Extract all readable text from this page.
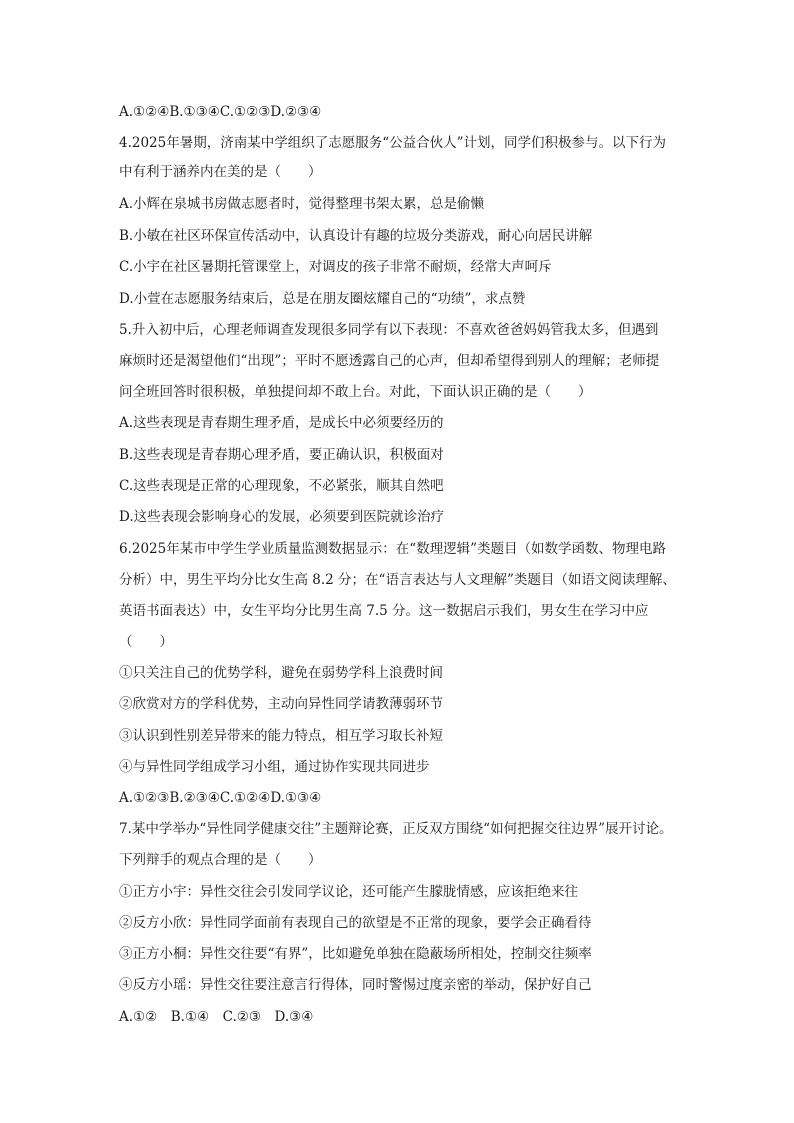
A.①②④B.①③④C.①②③D.②③④
4.2025年暑期，济南某中学组织了志愿服务“公益合伙人”计划，同学们积极参与。以下行为
中有利于涵养内在美的是（　　）
A.小辉在泉城书房做志愿者时，觉得整理书架太累，总是偷懒
B.小敏在社区环保宣传活动中，认真设计有趣的垃圾分类游戏，耐心向居民讲解
C.小宇在社区暑期托管课堂上，对调皮的孩子非常不耐烦，经常大声呵斥
D.小萱在志愿服务结束后，总是在朋友圈炫耀自己的“功绩”，求点赞
5.升入初中后，心理老师调查发现很多同学有以下表现：不喜欢爸爸妈妈管我太多，但遇到
麻烦时还是渴望他们“出现”；平时不愿透露自己的心声，但却希望得到别人的理解；老师提
问全班回答时很积极，单独提问却不敢上台。对此，下面认识正确的是（　　）
A.这些表现是青春期生理矛盾，是成长中必须要经历的
B.这些表现是青春期心理矛盾，要正确认识，积极面对
C.这些表现是正常的心理现象，不必紧张，顺其自然吧
D.这些表现会影响身心的发展，必须要到医院就诊治疗
6.2025年某市中学生学业质量监测数据显示：在“数理逻辑”类题目（如数学函数、物理电路
分析）中，男生平均分比女生高 8.2 分；在“语言表达与人文理解”类题目（如语文阅读理解、
英语书面表达）中，女生平均分比男生高 7.5 分。这一数据启示我们，男女生在学习中应
（　　）
①只关注自己的优势学科，避免在弱势学科上浪费时间
②欣赏对方的学科优势，主动向异性同学请教薄弱环节
③认识到性别差异带来的能力特点，相互学习取长补短
④与异性同学组成学习小组，通过协作实现共同进步
A.①②③B.②③④C.①②④D.①③④
7.某中学举办“异性同学健康交往”主题辩论赛，正反双方围绕“如何把握交往边界”展开讨论。
下列辩手的观点合理的是（　　）
①正方小宇：异性交往会引发同学议论，还可能产生朦胧情感，应该拒绝来往
②反方小欣：异性同学面前有表现自己的欲望是不正常的现象，要学会正确看待
③正方小桐：异性交往要“有界”，比如避免单独在隐蔽场所相处，控制交往频率
④反方小瑶：异性交往要注意言行得体，同时警惕过度亲密的举动，保护好自己
A.①②　B.①④　C.②③　D.③④
